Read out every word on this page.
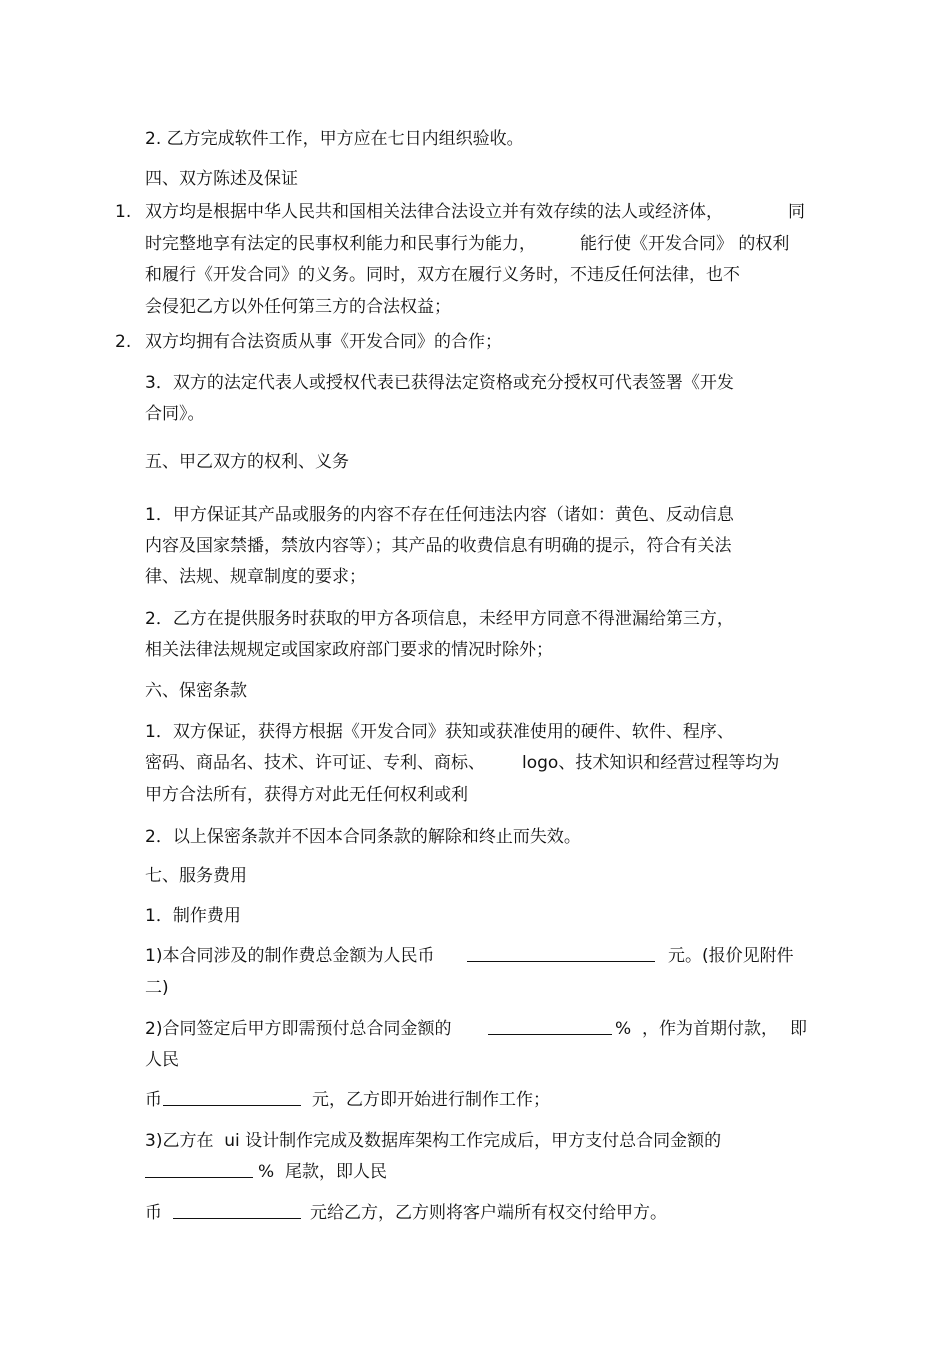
2. 乙方完成软件工作，甲方应在七日内组织验收。
四、双方陈述及保证
1. 双方均是根据中华人民共和国相关法律合法设立并有效存续的法人或经济体，	同
时完整地享有法定的民事权利能力和民事行为能力，	能行使《开发合同》 的权利
和履行《开发合同》的义务。同时，双方在履行义务时，不违反任何法律，也不
会侵犯乙方以外任何第三方的合法权益；
2. 双方均拥有合法资质从事《开发合同》的合作；
3．双方的法定代表人或授权代表已获得法定资格或充分授权可代表签署《开发
合同》。
五、甲乙双方的权利、义务
1．甲方保证其产品或服务的内容不存在任何违法内容（诸如：黄色、反动信息
内容及国家禁播，禁放内容等）；其产品的收费信息有明确的提示，符合有关法
律、法规、规章制度的要求；
2．乙方在提供服务时获取的甲方各项信息，未经甲方同意不得泄漏给第三方，
相关法律法规规定或国家政府部门要求的情况时除外；
六、保密条款
1．双方保证，获得方根据《开发合同》获知或获准使用的硬件、软件、程序、
密码、商品名、技术、许可证、专利、商标、 logo、技术知识和经营过程等均为
甲方合法所有，获得方对此无任何权利或利
2．以上保密条款并不因本合同条款的解除和终止而失效。
七、服务费用
1．制作费用
1)本合同涉及的制作费总金额为人民币	元。(报价见附件
二)
2)合同签定后甲方即需预付总合同金额的	%  ，作为首期付款， 即
人民
币	元，乙方即开始进行制作工作；
3)乙方在  ui 设计制作完成及数据库架构工作完成后，甲方支付总合同金额的
%  尾款，即人民
币	元给乙方，乙方则将客户端所有权交付给甲方。
